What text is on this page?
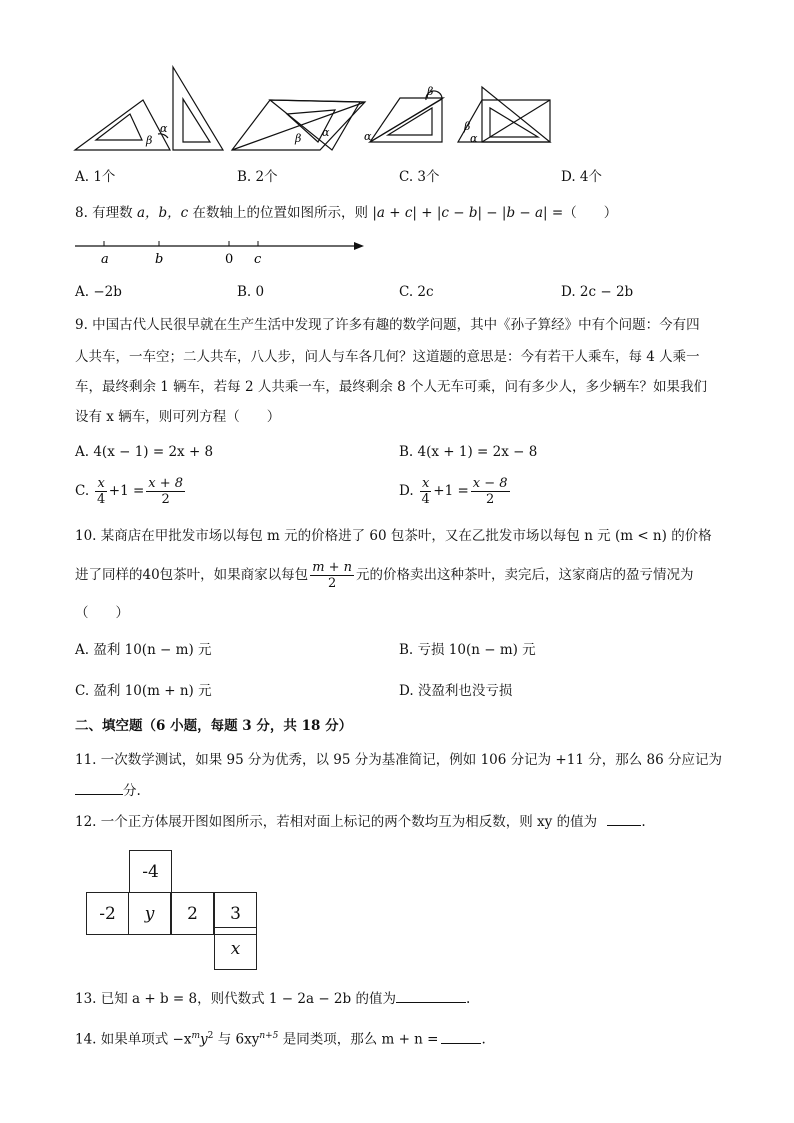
α
β	β α	α
β
β
α
A. 1个	B. 2个	C. 3个	D. 4个
8. 有理数 a，b，c 在数轴上的位置如图所示，则 |a + c| + |c − b| − |b − a| =（　　）
a	b	0 c
A. −2b	B. 0	C. 2c	D. 2c − 2b
9. 中国古代人民很早就在生产生活中发现了许多有趣的数学问题，其中《孙子算经》中有个问题：今有四
人共车，一车空；二人共车，八人步，问人与车各几何？这道题的意思是：今有若干人乘车，每 4 人乘一
车，最终剩余 1 辆车，若每 2 人共乘一车，最终剩余 8 个人无车可乘，问有多少人，多少辆车？如果我们
设有 x 辆车，则可列方程（　　）
A. 4(x − 1) = 2x + 8	B. 4(x + 1) = 2x − 8
C. $\frac{x}{4} +1 = \frac{x + 8}{2}$	D. $\frac{x}{4} +1 = \frac{x - 8}{2}$
10. 某商店在甲批发市场以每包 m 元的价格进了 60 包茶叶，又在乙批发市场以每包 n 元 (m < n) 的价格
进了同样的40包茶叶，如果商家以每包 $\frac{m + n}{2}$ 元的价格卖出这种茶叶，卖完后，这家商店的盈亏情况为
（　　）
A. 盈利 10(n − m) 元	B. 亏损 10(n − m) 元
C. 盈利 10(m + n) 元	D. 没盈利也没亏损
二、填空题（6 小题，每题 3 分，共 18 分）
11. 一次数学测试，如果 95 分为优秀，以 95 分为基准简记，例如 106 分记为 +11 分，那么 86 分应记为
分.
12. 一个正方体展开图如图所示，若相对面上标记的两个数均互为相反数，则 xy 的值为	.
-4
-2	y	2	3
x
13. 已知 a + b = 8，则代数式 1 − 2a − 2b 的值为	.
14. 如果单项式 $-x^my^2$ 与 $6xy^{n+5}$ 是同类项，那么 m + n =	.
